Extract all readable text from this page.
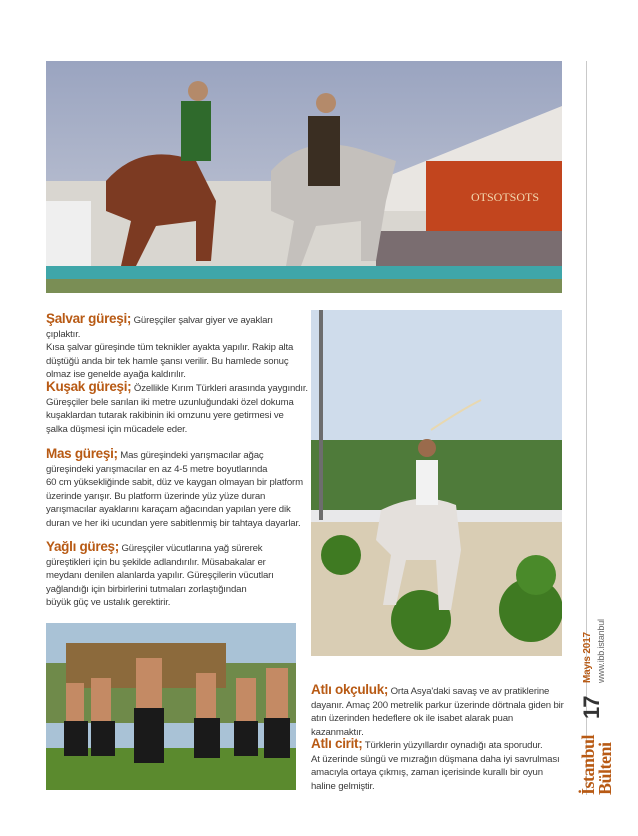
OTSOTSOTS

Şalvar güreşi; Güreşçiler şalvar giyer ve ayakları çıplaktır.

Kısa şalvar güreşinde tüm teknikler ayakta yapılır. Rakip alta

düştüğü anda bir tek hamle şansı verilir. Bu hamlede sonuç

olmaz ise genelde ayağa kaldırılır.

Kuşak güreşi; Özellikle Kırım Türkleri arasında yaygındır.

Güreşçiler bele sarılan iki metre uzunluğundaki özel dokuma

kuşaklardan tutarak rakibinin iki omzunu yere getirmesi ve

şalka düşmesi için mücadele eder.

Mas güreşi; Mas güreşindeki yarışmacılar ağaç

güreşindeki yarışmacılar en az 4-5 metre boyutlarında

60 cm yüksekliğinde sabit, düz ve kaygan olmayan bir platform

üzerinde yarışır. Bu platform üzerinde yüz yüze duran

yarışmacılar ayaklarını karaçam ağacından yapılan yere dik

duran ve her iki ucundan yere sabitlenmiş bir tahtaya dayarlar.

Yağlı güreş; Güreşçiler vücutlarına yağ sürerek

güreştikleri için bu şekilde adlandırılır. Müsabakalar er

meydanı denilen alanlarda yapılır. Güreşçilerin vücutları

yağlandığı için birbirlerini tutmaları zorlaştığından

büyük güç ve ustalık gerektirir.

Atlı okçuluk; Orta Asya'daki savaş ve av pratiklerine

dayanır. Amaç 200 metrelik parkur üzerinde dörtnala giden bir

atın üzerinden hedeflere ok ile isabet alarak puan kazanmaktır.

Atlı cirit; Türklerin yüzyıllardır oynadığı ata sporudur.

At üzerinde süngü ve mızrağın düşmana daha iyi savrulması

amacıyla ortaya çıkmış, zaman içerisinde kurallı bir oyun

haline gelmiştir.	İstanbul
Bülteni
17
Mayıs 2017 www.ibb.istanbul
